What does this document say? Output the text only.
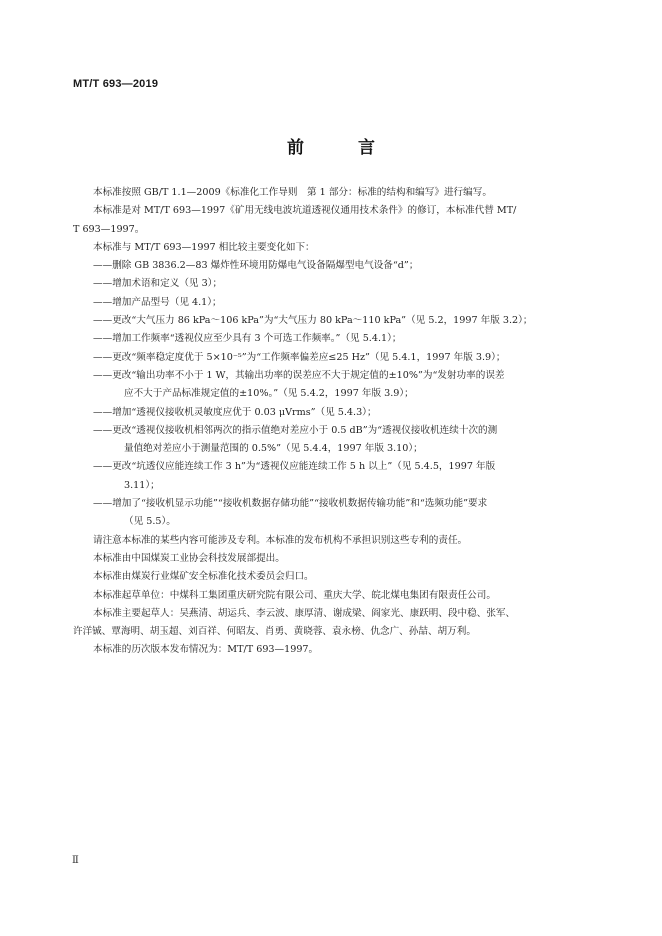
MT/T 693—2019
前 言
本标准按照 GB/T 1.1—2009《标准化工作导则　第 1 部分：标准的结构和编写》进行编写。
本标准是对 MT/T 693—1997《矿用无线电波坑道透视仪通用技术条件》的修订，本标准代替 MT/
T 693—1997。
本标准与 MT/T 693—1997 相比较主要变化如下：
——删除 GB 3836.2—83 爆炸性环境用防爆电气设备隔爆型电气设备“d”；
——增加术语和定义（见 3）；
——增加产品型号（见 4.1）；
——更改“大气压力 86 kPa～106 kPa”为“大气压力 80 kPa～110 kPa”（见 5.2，1997 年版 3.2）；
——增加工作频率“透视仪应至少具有 3 个可选工作频率。”（见 5.4.1）；
——更改“频率稳定度优于 5×10⁻⁵”为“工作频率偏差应≤25 Hz”（见 5.4.1，1997 年版 3.9）；
——更改“输出功率不小于 1 W，其输出功率的误差应不大于规定值的±10%”为“发射功率的误差
应不大于产品标准规定值的±10%。”（见 5.4.2，1997 年版 3.9）；
——增加“透视仪接收机灵敏度应优于 0.03 μVrms”（见 5.4.3）；
——更改“透视仪接收机相邻两次的指示值绝对差应小于 0.5 dB”为“透视仪接收机连续十次的测
量值绝对差应小于测量范围的 0.5%”（见 5.4.4，1997 年版 3.10）；
——更改“坑透仪应能连续工作 3 h”为“透视仪应能连续工作 5 h 以上”（见 5.4.5，1997 年版
3.11）；
——增加了“接收机显示功能”“接收机数据存储功能”“接收机数据传输功能”和“选频功能”要求
（见 5.5）。
请注意本标准的某些内容可能涉及专利。本标准的发布机构不承担识别这些专利的责任。
本标准由中国煤炭工业协会科技发展部提出。
本标准由煤炭行业煤矿安全标准化技术委员会归口。
本标准起草单位：中煤科工集团重庆研究院有限公司、重庆大学、皖北煤电集团有限责任公司。
本标准主要起草人：吴燕清、胡运兵、李云波、康厚清、谢成梁、阎家光、康跃明、段中稳、张军、
许洋铖、覃海明、胡玉超、刘百祥、何昭友、肖勇、黄晓蓉、袁永榜、仇念广、孙喆、胡万利。
本标准的历次版本发布情况为：MT/T 693—1997。
Ⅱ
